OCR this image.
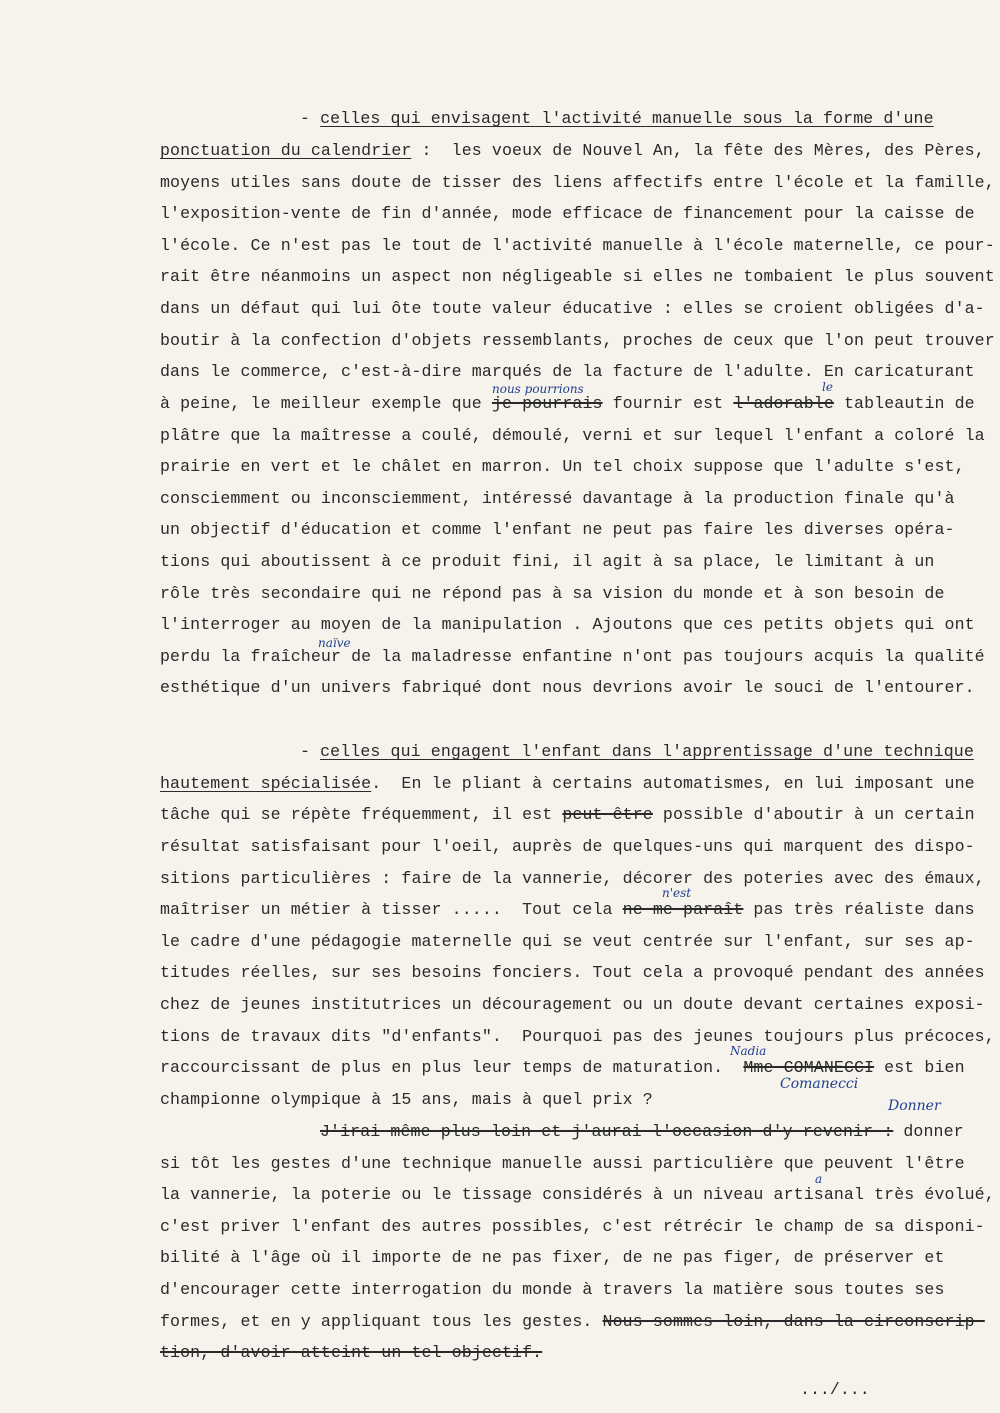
- celles qui envisagent l'activité manuelle sous la forme d'une
ponctuation du calendrier :  les voeux de Nouvel An, la fête des Mères, des Pères,
moyens utiles sans doute de tisser des liens affectifs entre l'école et la famille,
l'exposition-vente de fin d'année, mode efficace de financement pour la caisse de
l'école. Ce n'est pas le tout de l'activité manuelle à l'école maternelle, ce pour-
rait être néanmoins un aspect non négligeable si elles ne tombaient le plus souvent
dans un défaut qui lui ôte toute valeur éducative : elles se croient obligées d'a-
boutir à la confection d'objets ressemblants, proches de ceux que l'on peut trouver
dans le commerce, c'est-à-dire marqués de la facture de l'adulte. En caricaturant
nous pourrions	le
à peine, le meilleur exemple que je pourrais fournir est l'adorable tableautin de
plâtre que la maîtresse a coulé, démoulé, verni et sur lequel l'enfant a coloré la
prairie en vert et le châlet en marron. Un tel choix suppose que l'adulte s'est,
consciemment ou inconsciemment, intéressé davantage à la production finale qu'à
un objectif d'éducation et comme l'enfant ne peut pas faire les diverses opéra-
tions qui aboutissent à ce produit fini, il agit à sa place, le limitant à un
rôle très secondaire qui ne répond pas à sa vision du monde et à son besoin de
l'interroger au moyen de la manipulation . Ajoutons que ces petits objets qui ont
naïve
perdu la fraîcheur de la maladresse enfantine n'ont pas toujours acquis la qualité
esthétique d'un univers fabriqué dont nous devrions avoir le souci de l'entourer.
- celles qui engagent l'enfant dans l'apprentissage d'une technique
hautement spécialisée.  En le pliant à certains automatismes, en lui imposant une
tâche qui se répète fréquemment, il est peut-être possible d'aboutir à un certain
résultat satisfaisant pour l'oeil, auprès de quelques-uns qui marquent des dispo-
sitions particulières : faire de la vannerie, décorer des poteries avec des émaux,
n'est
maîtriser un métier à tisser .....  Tout cela ne me paraît pas très réaliste dans
le cadre d'une pédagogie maternelle qui se veut centrée sur l'enfant, sur ses ap-
titudes réelles, sur ses besoins fonciers. Tout cela a provoqué pendant des années
chez de jeunes institutrices un découragement ou un doute devant certaines exposi-
tions de travaux dits "d'enfants".  Pourquoi pas des jeunes toujours plus précoces,
Nadia
raccourcissant de plus en plus leur temps de maturation.  Mme COMANECCI est bien
Comanecci
championne olympique à 15 ans, mais à quel prix ?	Donner
J'irai même plus loin et j'aurai l'occasion d'y revenir : donner
si tôt les gestes d'une technique manuelle aussi particulière que peuvent l'être
a
la vannerie, la poterie ou le tissage considérés à un niveau artisanal très évolué,
c'est priver l'enfant des autres possibles, c'est rétrécir le champ de sa disponi-
bilité à l'âge où il importe de ne pas fixer, de ne pas figer, de préserver et
d'encourager cette interrogation du monde à travers la matière sous toutes ses
formes, et en y appliquant tous les gestes. Nous sommes loin, dans la circonscrip-
tion, d'avoir atteint un tel objectif.
.../...
